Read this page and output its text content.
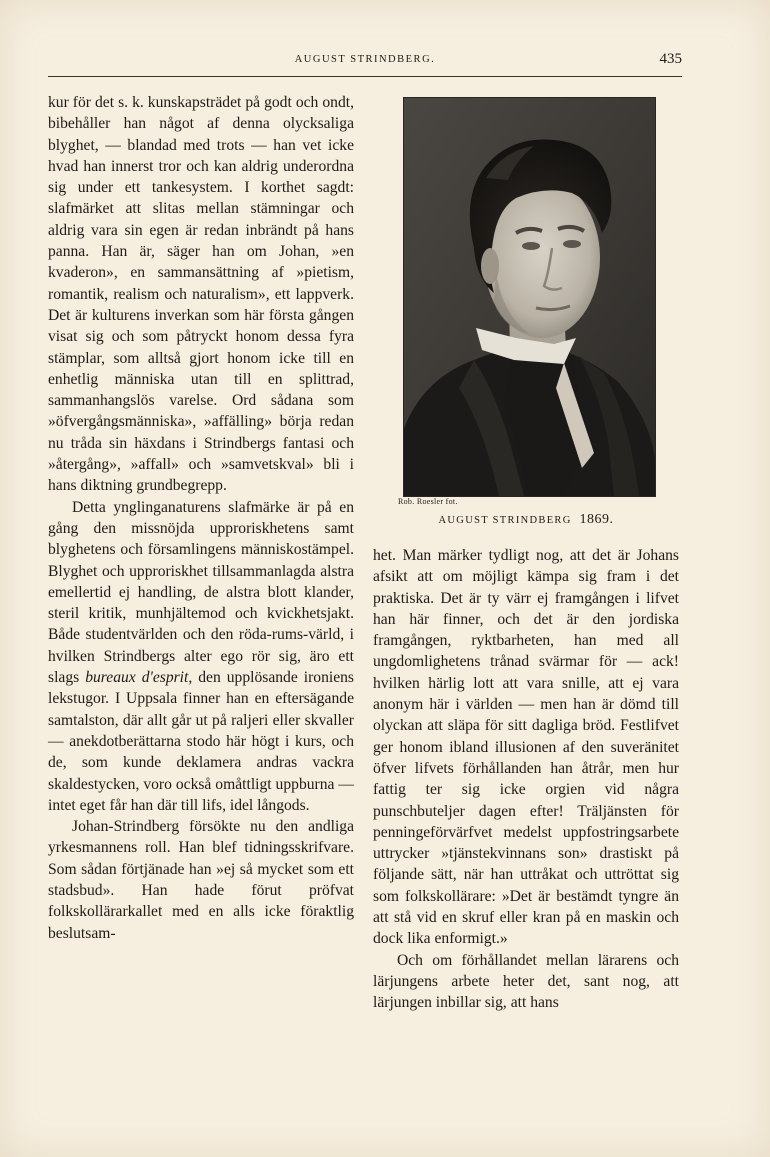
AUGUST STRINDBERG.	435

kur för det s. k. kunskapsträdet på godt och ondt, bibehåller han något af denna olycksaliga blyghet, — blandad med trots — han vet icke hvad han innerst tror och kan aldrig underordna sig under ett tankesystem. I korthet sagdt: slafmärket att slitas mellan stämningar och aldrig vara sin egen är redan inbrändt på hans panna. Han är, säger han om Johan, »en kvaderon», en sammansättning af »pietism, romantik, realism och naturalism», ett lappverk. Det är kulturens inverkan som här första gången visat sig och som påtryckt honom dessa fyra stämplar, som alltså gjort honom icke till en enhetlig människa utan till en splittrad, sammanhangslös varelse. Ord sådana som »öfvergångsmänniska», »affälling» börja redan nu tråda sin häxdans i Strindbergs fantasi och »återgång», »affall» och »samvetskval» bli i hans diktning grundbegrepp.

Detta ynglinganaturens slafmärke är på en gång den missnöjda upproriskhetens samt blyghetens och församlingens människostämpel. Blyghet och upproriskhet tillsammanlagda alstra emellertid ej handling, de alstra blott klander, steril kritik, munhjältemod och kvickhetsjakt. Både studentvärlden och den röda-rums-värld, i hvilken Strindbergs alter ego rör sig, äro ett slags bureaux d'esprit, den upplösande ironiens lekstugor. I Uppsala finner han en eftersägande samtalston, där allt går ut på raljeri eller skvaller — anekdotberättarna stodo här högt i kurs, och de, som kunde deklamera andras vackra skaldestycken, voro också omåttligt uppburna — intet eget får han där till lifs, idel långods.

Johan-Strindberg försökte nu den andliga yrkesmannens roll. Han blef tidningsskrifvare. Som sådan förtjänade han »ej så mycket som ett stadsbud». Han hade förut pröfvat folkskollärarkallet med en alls icke föraktlig beslutsam-

Rob. Roesler fot.
AUGUST STRINDBERG 1869.

het. Man märker tydligt nog, att det är Johans afsikt att om möjligt kämpa sig fram i det praktiska. Det är ty värr ej framgången i lifvet han här finner, och det är den jordiska framgången, ryktbarheten, han med all ungdomlighetens trånad svärmar för — ack! hvilken härlig lott att vara snille, att ej vara anonym här i världen — men han är dömd till olyckan att släpa för sitt dagliga bröd. Festlifvet ger honom ibland illusionen af den suveränitet öfver lifvets förhållanden han åtrår, men hur fattig ter sig icke orgien vid några punschbuteljer dagen efter! Träljänsten för penningeförvärfvet medelst uppfostringsarbete uttrycker »tjänstekvinnans son» drastiskt på följande sätt, när han uttråkat och uttröttat sig som folkskollärare: »Det är bestämdt tyngre än att stå vid en skruf eller kran på en maskin och dock lika enformigt.»

Och om förhållandet mellan lärarens och lärjungens arbete heter det, sant nog, att lärjungen inbillar sig, att hans
